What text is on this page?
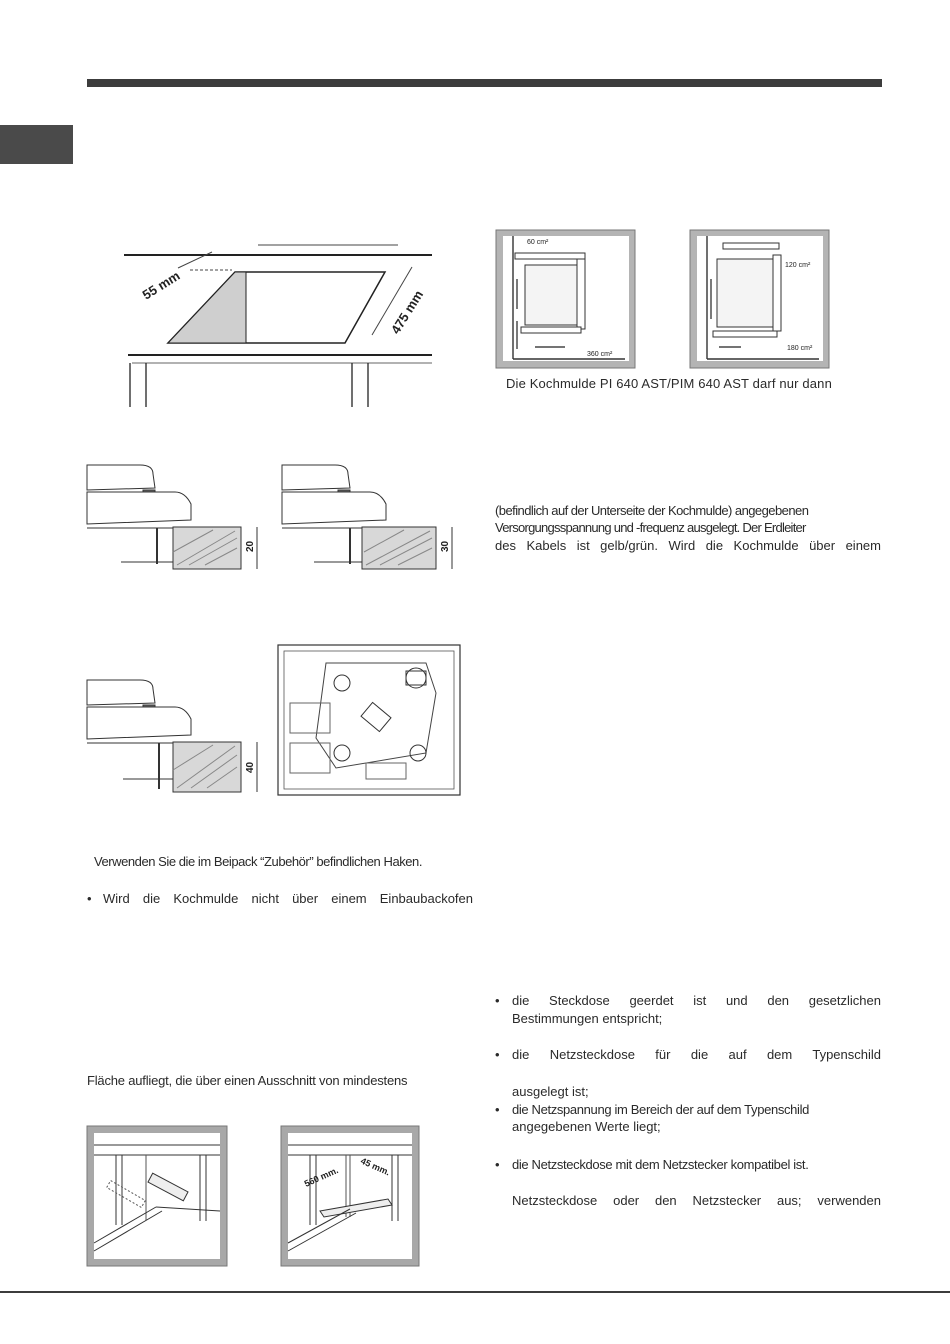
55 mm
475 mm
20	30
40
Verwenden Sie die im Beipack “Zubehör” befindlichen Haken.
• Wird die Kochmulde nicht über einem Einbaubackofen
Fläche aufliegt, die über einen Ausschnitt von mindestens
560 mm. 45 mm.
60 cm²
360 cm²
120 cm²
180 cm²
Die Kochmulde PI 640 AST/PIM 640 AST darf nur dann
(befindlich auf der Unterseite der Kochmulde) angegebenen
Versorgungsspannung und -frequenz ausgelegt. Der Erdleiter
des Kabels ist gelb/grün. Wird die Kochmulde über einem
• die Steckdose geerdet ist und den gesetzlichen
Bestimmungen entspricht;
• die Netzsteckdose für die auf dem Typenschild
ausgelegt ist;
• die Netzspannung im Bereich der auf dem Typenschild
angegebenen Werte liegt;
• die Netzsteckdose mit dem Netzstecker kompatibel ist.
Netzsteckdose oder den Netzstecker aus; verwenden
